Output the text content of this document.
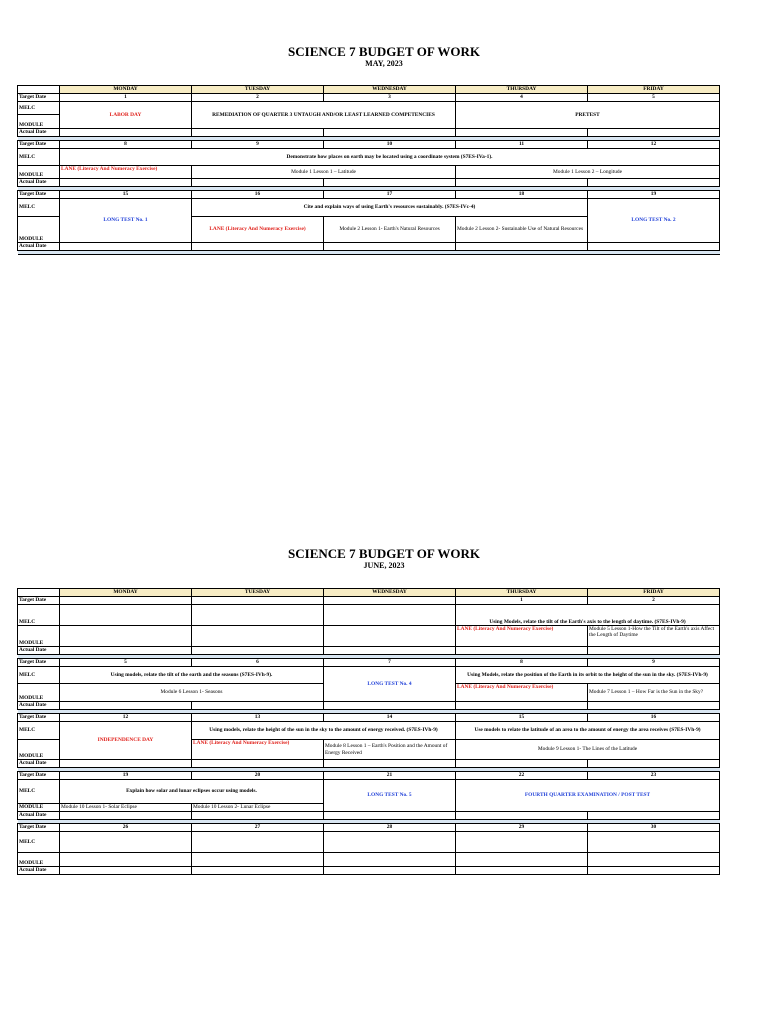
SCIENCE 7 BUDGET OF WORK
MAY, 2023
	MONDAY	TUESDAY	WEDNESDAY	THURSDAY	FRIDAY
Target Date	1	2	3	4	5
MELC	LABOR DAY	REMEDIATION OF QUARTER 3 UNTAUGH AND/OR LEAST LEARNED COMPETENCIES		PRETEST	
MODULE					
Actual Date					

Target Date	8	9	10	11	12
MELC	Demonstrate how places on earth may be located using a coordinate system (S7ES-IVa-1).				
MODULE	LANE (Literacy And Numeracy Exercise)	Module 1 Lesson 1 – Latitude		Module 1 Lesson 2 – Longitude	
Actual Date					

Target Date	15	16	17	18	19
MELC	LONG TEST No. 1	Cite and explain ways of using Earth's resources sustainably. (S7ES-IVc-4)			LONG TEST No. 2
MODULE		LANE (Literacy And Numeracy Exercise)	Module 2 Lesson 1- Earth's Natural Resources	Module 2 Lesson 2- Sustainable Use of Natural Resources	
Actual Date					

SCIENCE 7 BUDGET OF WORK
JUNE, 2023
	MONDAY	TUESDAY	WEDNESDAY	THURSDAY	FRIDAY
Target Date				1	2
MELC				Using Models, relate the tilt of the Earth's axis to the length of daytime. (S7ES-IVh-9)	
MODULE				LANE (Literacy And Numeracy Exercise)	Module 5 Lesson 1-How the Tilt of the Earth's axis Affect the Length of Daytime
Actual Date					

Target Date	5	6	7	8	9
MELC	Using models, relate the tilt of the earth and the seasons (S7ES-IVh-9).		LONG TEST No. 4	Using Models, relate the position of the Earth in its orbit to the height of the sun in the sky. (S7ES-IVh-9)	
MODULE	Module 6 Lesson 1- Seasons			LANE (Literacy And Numeracy Exercise)	Module 7 Lesson 1 – How Far is the Sun in the Sky?
Actual Date					

Target Date	12	13	14	15	16
MELC	INDEPENDENCE DAY	Using models, relate the height of the sun in the sky to the amount of energy received. (S7ES-IVh-9)		Use models to relate the latitude of an area to the amount of energy the area receives (S7ES-IVh-9)	
MODULE		LANE (Literacy And Numeracy Exercise)	Module 8 Lesson 1 – Earth's Position and the Amount of Energy Received	Module 9 Lesson 1- The Lines of the Latitude	
Actual Date					

Target Date	19	20	21	22	23
MELC	Explain how solar and lunar eclipses occur using models.		LONG TEST No. 5	FOURTH QUARTER EXAMINATION / POST TEST	
MODULE	Module 10 Lesson 1- Solar Eclipse	Module 10 Lesson 2- Lunar Eclipse			
Actual Date					

Target Date	26	27	28	29	30
MELC					
MODULE					
Actual Date					
